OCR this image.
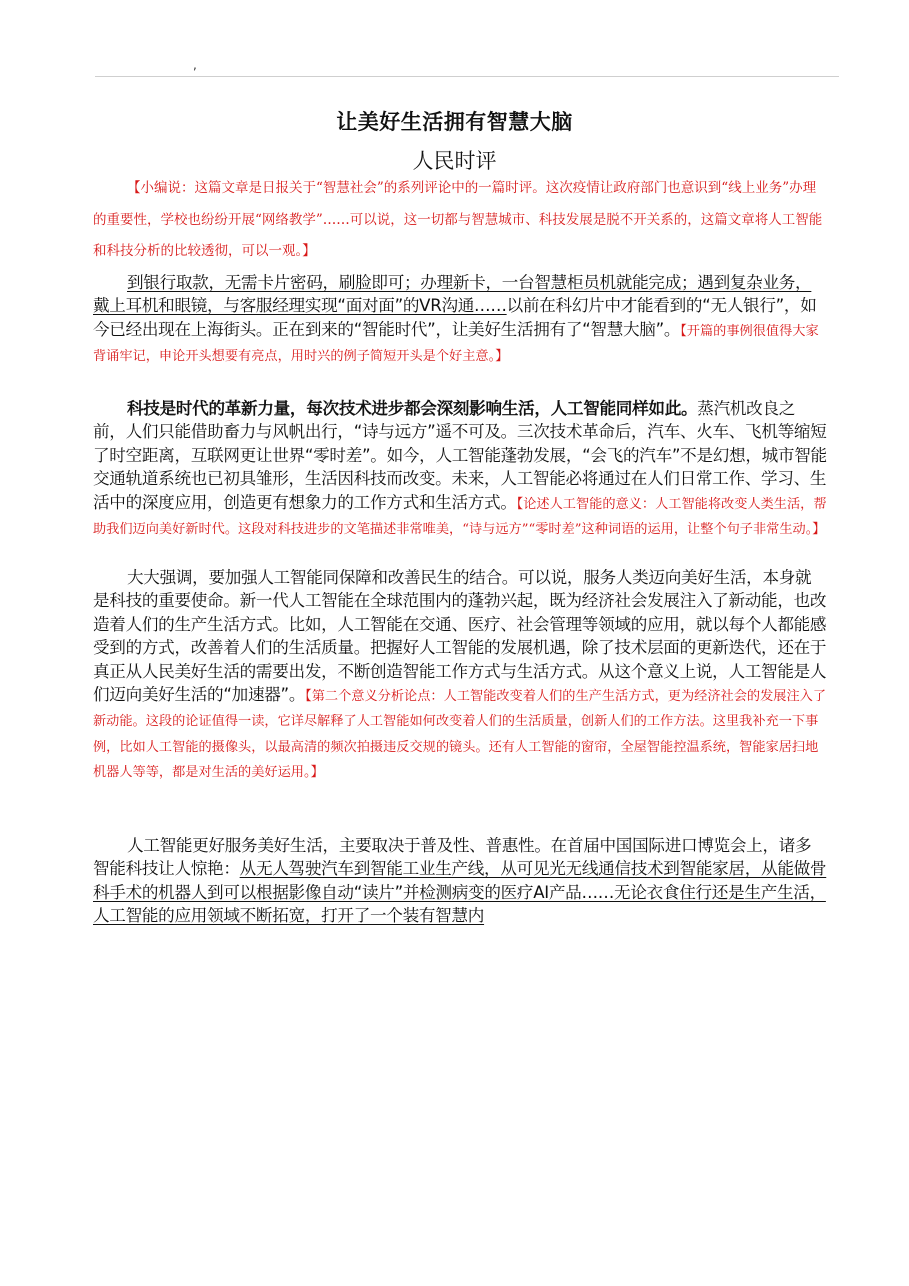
,
让美好生活拥有智慧大脑
人民时评

【小编说：这篇文章是日报关于“智慧社会”的系列评论中的一篇时评。这次疫情让政府部门也意识到“线上业务”办理的重要性，学校也纷纷开展“网络教学”……可以说，这一切都与智慧城市、科技发展是脱不开关系的，这篇文章将人工智能和科技分析的比较透彻，可以一观。】

到银行取款，无需卡片密码，刷脸即可；办理新卡，一台智慧柜员机就能完成；遇到复杂业务，戴上耳机和眼镜，与客服经理实现“面对面”的VR沟通……以前在科幻片中才能看到的“无人银行”，如今已经出现在上海街头。正在到来的“智能时代”，让美好生活拥有了“智慧大脑”。【开篇的事例很值得大家背诵牢记，申论开头想要有亮点，用时兴的例子简短开头是个好主意。】

科技是时代的革新力量，每次技术进步都会深刻影响生活，人工智能同样如此。蒸汽机改良之前，人们只能借助畜力与风帆出行，“诗与远方”遥不可及。三次技术革命后，汽车、火车、飞机等缩短了时空距离，互联网更让世界“零时差”。如今，人工智能蓬勃发展，“会飞的汽车”不是幻想，城市智能交通轨道系统也已初具雏形，生活因科技而改变。未来，人工智能必将通过在人们日常工作、学习、生活中的深度应用，创造更有想象力的工作方式和生活方式。【论述人工智能的意义：人工智能将改变人类生活，帮助我们迈向美好新时代。这段对科技进步的文笔描述非常唯美，“诗与远方”“零时差”这种词语的运用，让整个句子非常生动。】

大大强调，要加强人工智能同保障和改善民生的结合。可以说，服务人类迈向美好生活，本身就是科技的重要使命。新一代人工智能在全球范围内的蓬勃兴起，既为经济社会发展注入了新动能，也改造着人们的生产生活方式。比如，人工智能在交通、医疗、社会管理等领域的应用，就以每个人都能感受到的方式，改善着人们的生活质量。把握好人工智能的发展机遇，除了技术层面的更新迭代，还在于真正从人民美好生活的需要出发，不断创造智能工作方式与生活方式。从这个意义上说，人工智能是人们迈向美好生活的“加速器”。【第二个意义分析论点：人工智能改变着人们的生产生活方式，更为经济社会的发展注入了新动能。这段的论证值得一读，它详尽解释了人工智能如何改变着人们的生活质量，创新人们的工作方法。这里我补充一下事例，比如人工智能的摄像头，以最高清的频次拍摄违反交规的镜头。还有人工智能的窗帘，全屋智能控温系统，智能家居扫地机器人等等，都是对生活的美好运用。】

人工智能更好服务美好生活，主要取决于普及性、普惠性。在首届中国国际进口博览会上，诸多智能科技让人惊艳：从无人驾驶汽车到智能工业生产线，从可见光无线通信技术到智能家居，从能做骨科手术的机器人到可以根据影像自动“读片”并检测病变的医疗AI产品……无论衣食住行还是生产生活，人工智能的应用领域不断拓宽，打开了一个装有智慧内
